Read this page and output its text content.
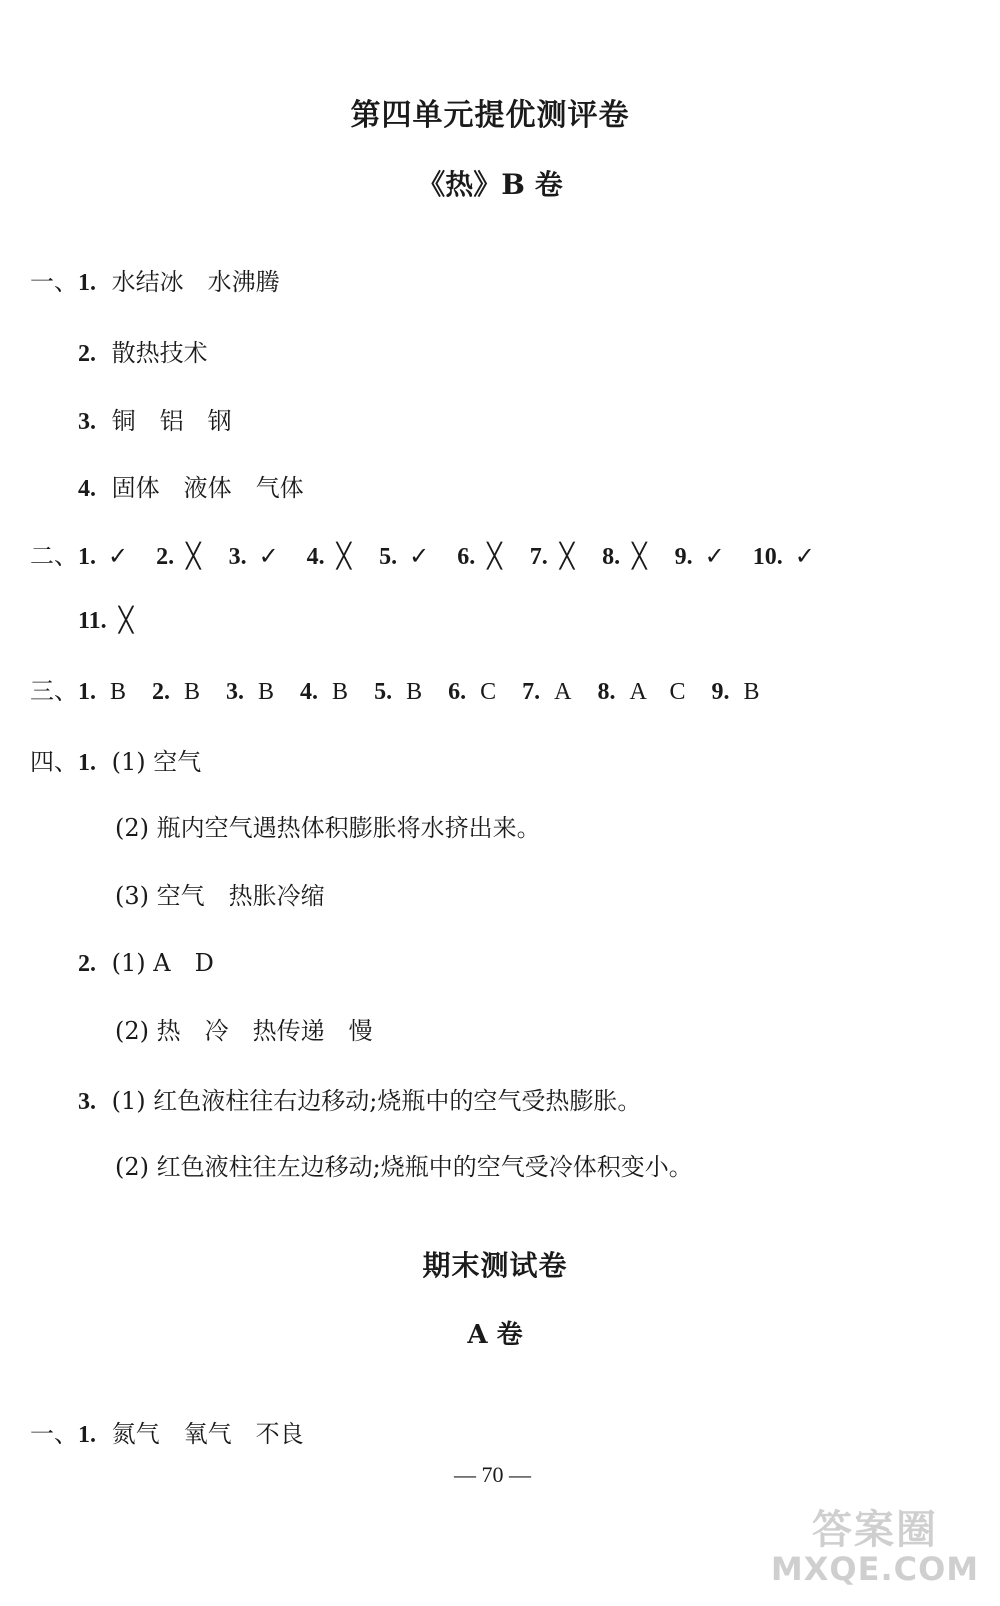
第四单元提优测评卷
《热》B 卷
一、1. 水结冰　水沸腾
2. 散热技术
3. 铜　铝　钢
4. 固体　液体　气体
二、1. ✓ 2. ╳ 3. ✓ 4. ╳ 5. ✓ 6. ╳ 7. ╳ 8. ╳ 9. ✓ 10. ✓
11. ╳
三、1. B 2. B 3. B 4. B 5. B 6. C 7. A 8. A　C 9. B
四、1. (1) 空气
(2) 瓶内空气遇热体积膨胀将水挤出来。
(3) 空气　热胀冷缩
2. (1) A　D
(2) 热　冷　热传递　慢
3. (1) 红色液柱往右边移动;烧瓶中的空气受热膨胀。
(2) 红色液柱往左边移动;烧瓶中的空气受冷体积变小。
期末测试卷
A 卷
一、1. 氮气　氧气　不良
— 70 —
答案圈
MXQE.COM
